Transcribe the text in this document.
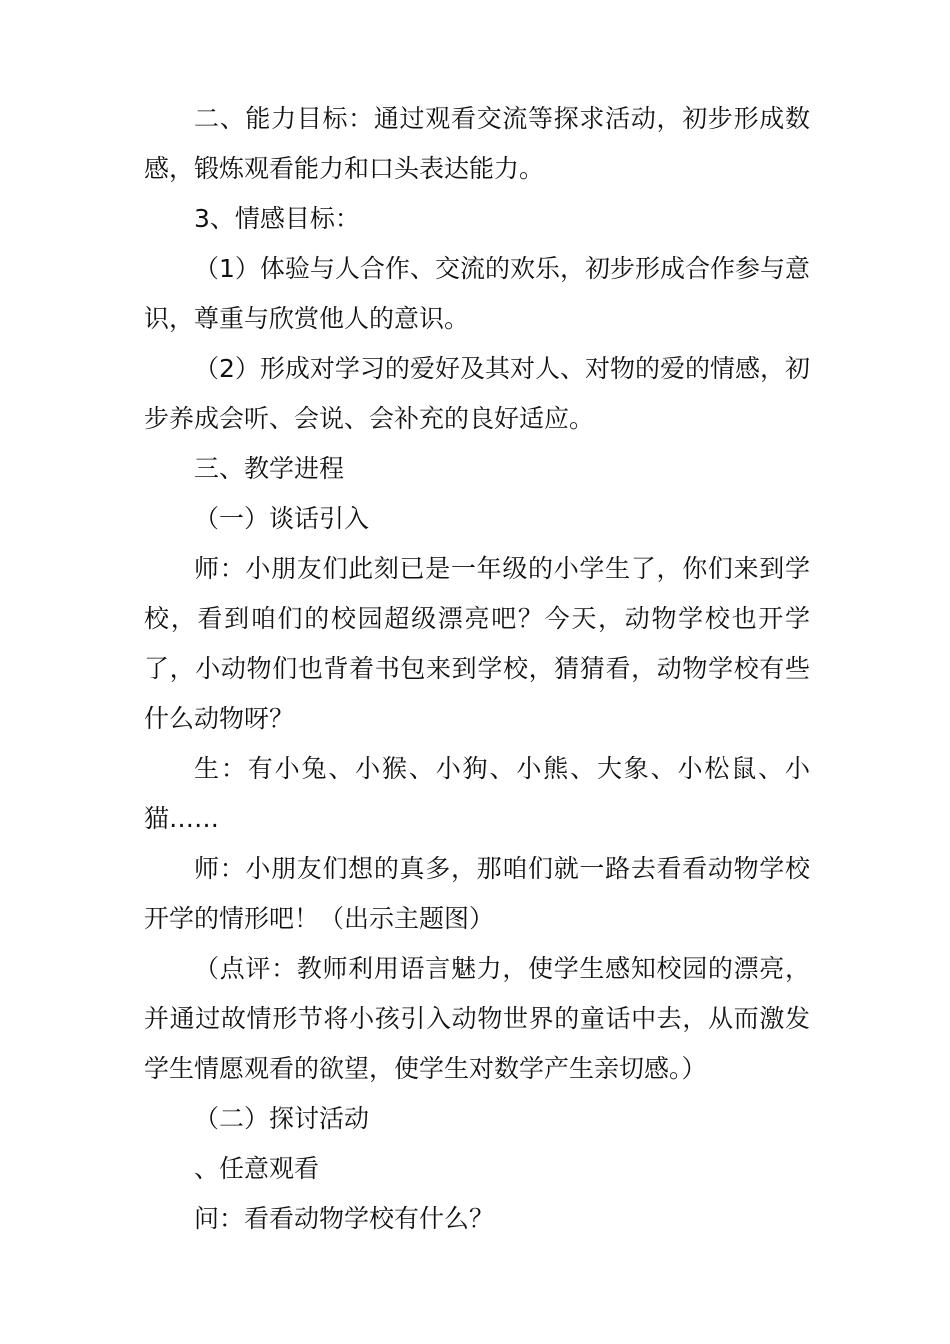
二、能力目标：通过观看交流等探求活动，初步形成数感，锻炼观看能力和口头表达能力。

3、情感目标：

（1）体验与人合作、交流的欢乐，初步形成合作参与意识，尊重与欣赏他人的意识。

（2）形成对学习的爱好及其对人、对物的爱的情感，初步养成会听、会说、会补充的良好适应。

三、教学进程

（一）谈话引入

师：小朋友们此刻已是一年级的小学生了，你们来到学校，看到咱们的校园超级漂亮吧？今天，动物学校也开学了，小动物们也背着书包来到学校，猜猜看，动物学校有些什么动物呀？

生：有小兔、小猴、小狗、小熊、大象、小松鼠、小猫……

师：小朋友们想的真多，那咱们就一路去看看动物学校开学的情形吧！（出示主题图）

（点评：教师利用语言魅力，使学生感知校园的漂亮，并通过故情形节将小孩引入动物世界的童话中去，从而激发学生情愿观看的欲望，使学生对数学产生亲切感。）

（二）探讨活动

、任意观看

问：看看动物学校有什么？
